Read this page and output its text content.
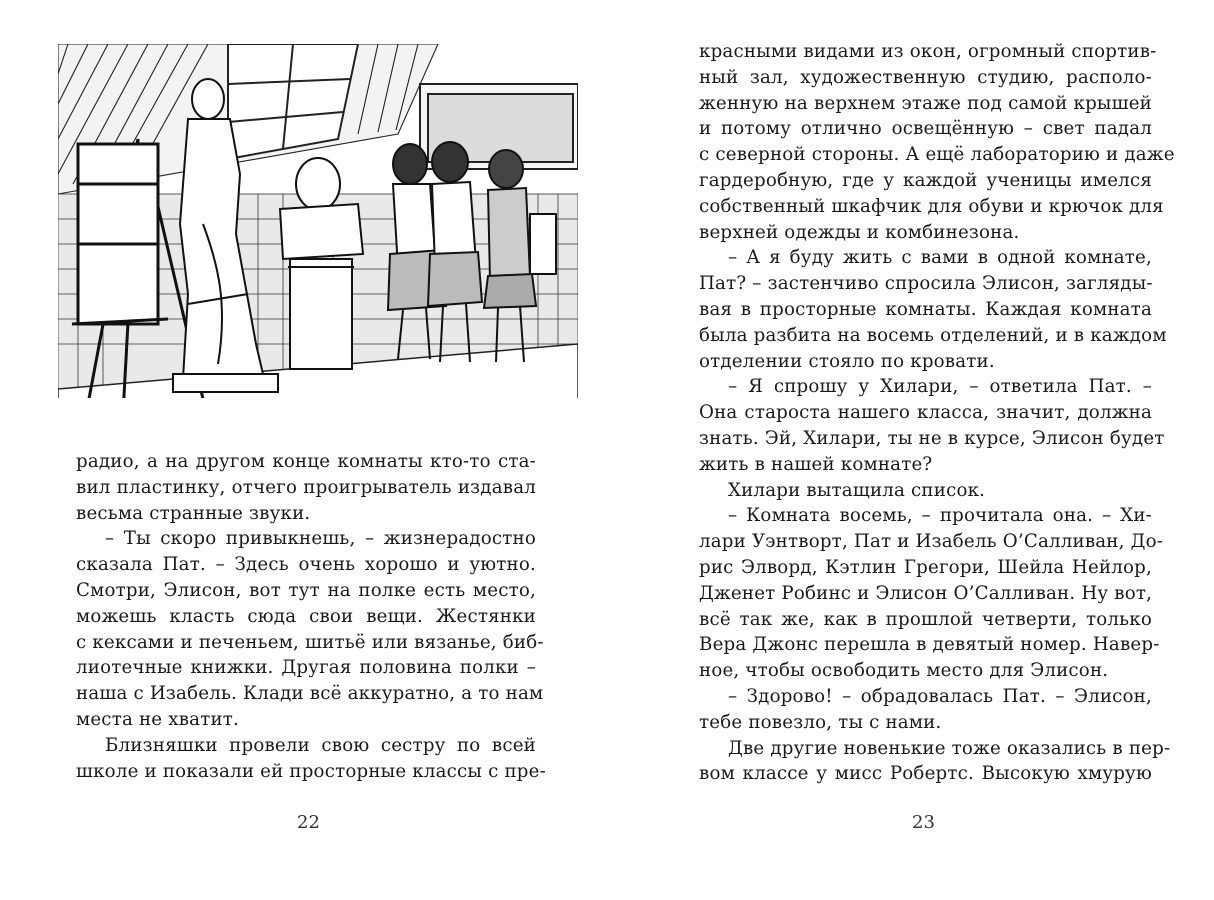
радио, а на другом конце комнаты кто-то ста-
вил пластинку, отчего проигрыватель издавал
весьма странные звуки.
– Ты скоро привыкнешь, – жизнерадостно
сказала Пат. – Здесь очень хорошо и уютно.
Смотри, Элисон, вот тут на полке есть место,
можешь класть сюда свои вещи. Жестянки
с кексами и печеньем, шитьё или вязанье, биб-
лиотечные книжки. Другая половина полки –
наша с Изабель. Клади всё аккуратно, а то нам
места не хватит.
Близняшки провели свою сестру по всей
школе и показали ей просторные классы с пре-
22
красными видами из окон, огромный спортив-
ный зал, художественную студию, располо-
женную на верхнем этаже под самой крышей
и потому отлично освещённую – свет падал
с северной стороны. А ещё лабораторию и даже
гардеробную, где у каждой ученицы имелся
собственный шкафчик для обуви и крючок для
верхней одежды и комбинезона.
– А я буду жить с вами в одной комнате,
Пат? – застенчиво спросила Элисон, загляды-
вая в просторные комнаты. Каждая комната
была разбита на восемь отделений, и в каждом
отделении стояло по кровати.
– Я спрошу у Хилари, – ответила Пат. –
Она староста нашего класса, значит, должна
знать. Эй, Хилари, ты не в курсе, Элисон будет
жить в нашей комнате?
Хилари вытащила список.
– Комната восемь, – прочитала она. – Хи-
лари Уэнтворт, Пат и Изабель О’Салливан, До-
рис Элворд, Кэтлин Грегори, Шейла Нейлор,
Дженет Робинс и Элисон О’Салливан. Ну вот,
всё так же, как в прошлой четверти, только
Вера Джонс перешла в девятый номер. Навер-
ное, чтобы освободить место для Элисон.
– Здорово! – обрадовалась Пат. – Элисон,
тебе повезло, ты с нами.
Две другие новенькие тоже оказались в пер-
вом классе у мисс Робертс. Высокую хмурую
23
